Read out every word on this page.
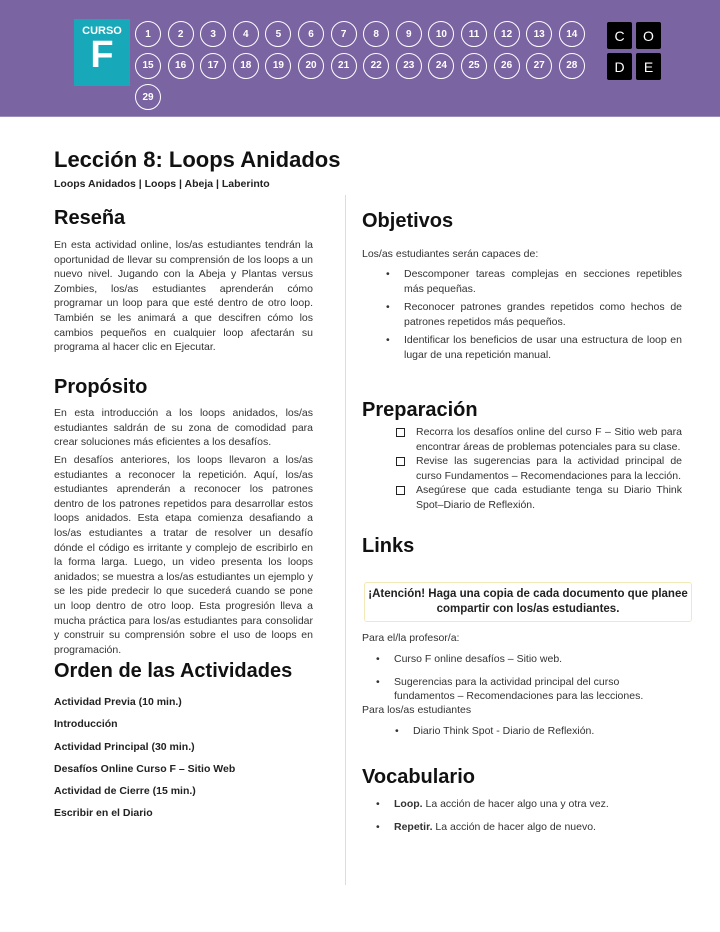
CURSO
F	1	2	3	4	5	6	7	8	9	10	11	12	13	14
15	16	17	18	19	20	21	22	23	24	25	26	27	28
29
C	O
D	E
Lección 8: Loops Anidados
Loops Anidados | Loops | Abeja | Laberinto
Reseña
En esta actividad online, los/as estudiantes tendrán la oportunidad de llevar su comprensión de los loops a un nuevo nivel. Jugando con la Abeja y Plantas versus Zombies, los/as estudiantes aprenderán cómo programar un loop para que esté dentro de otro loop. También se les animará a que descifren cómo los cambios pequeños en cualquier loop afectarán su programa al hacer clic en Ejecutar.
Propósito
En esta introducción a los loops anidados, los/as estudiantes saldrán de su zona de comodidad para crear soluciones más eficientes a los desafíos.
En desafíos anteriores, los loops llevaron a los/as estudiantes a reconocer la repetición. Aquí, los/as estudiantes aprenderán a reconocer los patrones dentro de los patrones repetidos para desarrollar estos loops anidados. Esta etapa comienza desafiando a los/as estudiantes a tratar de resolver un desafío dónde el código es irritante y complejo de escribirlo en la forma larga. Luego, un video presenta los loops anidados; se muestra a los/as estudiantes un ejemplo y se les pide predecir lo que sucederá cuando se pone un loop dentro de otro loop. Esta progresión lleva a mucha práctica para los/as estudiantes para consolidar y construir su comprensión sobre el uso de loops en programación.
Orden de las Actividades
Actividad Previa (10 min.)
Introducción
Actividad Principal (30 min.)
Desafíos Online Curso F – Sitio Web
Actividad de Cierre (15 min.)
Escribir en el Diario
Objetivos
Los/as estudiantes serán capaces de:
• Descomponer tareas complejas en secciones repetibles más pequeñas.
• Reconocer patrones grandes repetidos como hechos de patrones repetidos más pequeños.
• Identificar los beneficios de usar una estructura de loop en lugar de una repetición manual.
Preparación
Recorra los desafíos online del curso F – Sitio web para encontrar áreas de problemas potenciales para su clase.
Revise las sugerencias para la actividad principal de curso Fundamentos – Recomendaciones para la lección.
Asegúrese que cada estudiante tenga su Diario Think Spot–Diario de Reflexión.
Links
¡Atención! Haga una copia de cada documento que planee compartir con los/as estudiantes.
Para el/la profesor/a:
• Curso F online desafíos – Sitio web.
• Sugerencias para la actividad principal del curso fundamentos – Recomendaciones para las lecciones.
Para los/as estudiantes
• Diario Think Spot - Diario de Reflexión.
Vocabulario
• Loop. La acción de hacer algo una y otra vez.
• Repetir. La acción de hacer algo de nuevo.
